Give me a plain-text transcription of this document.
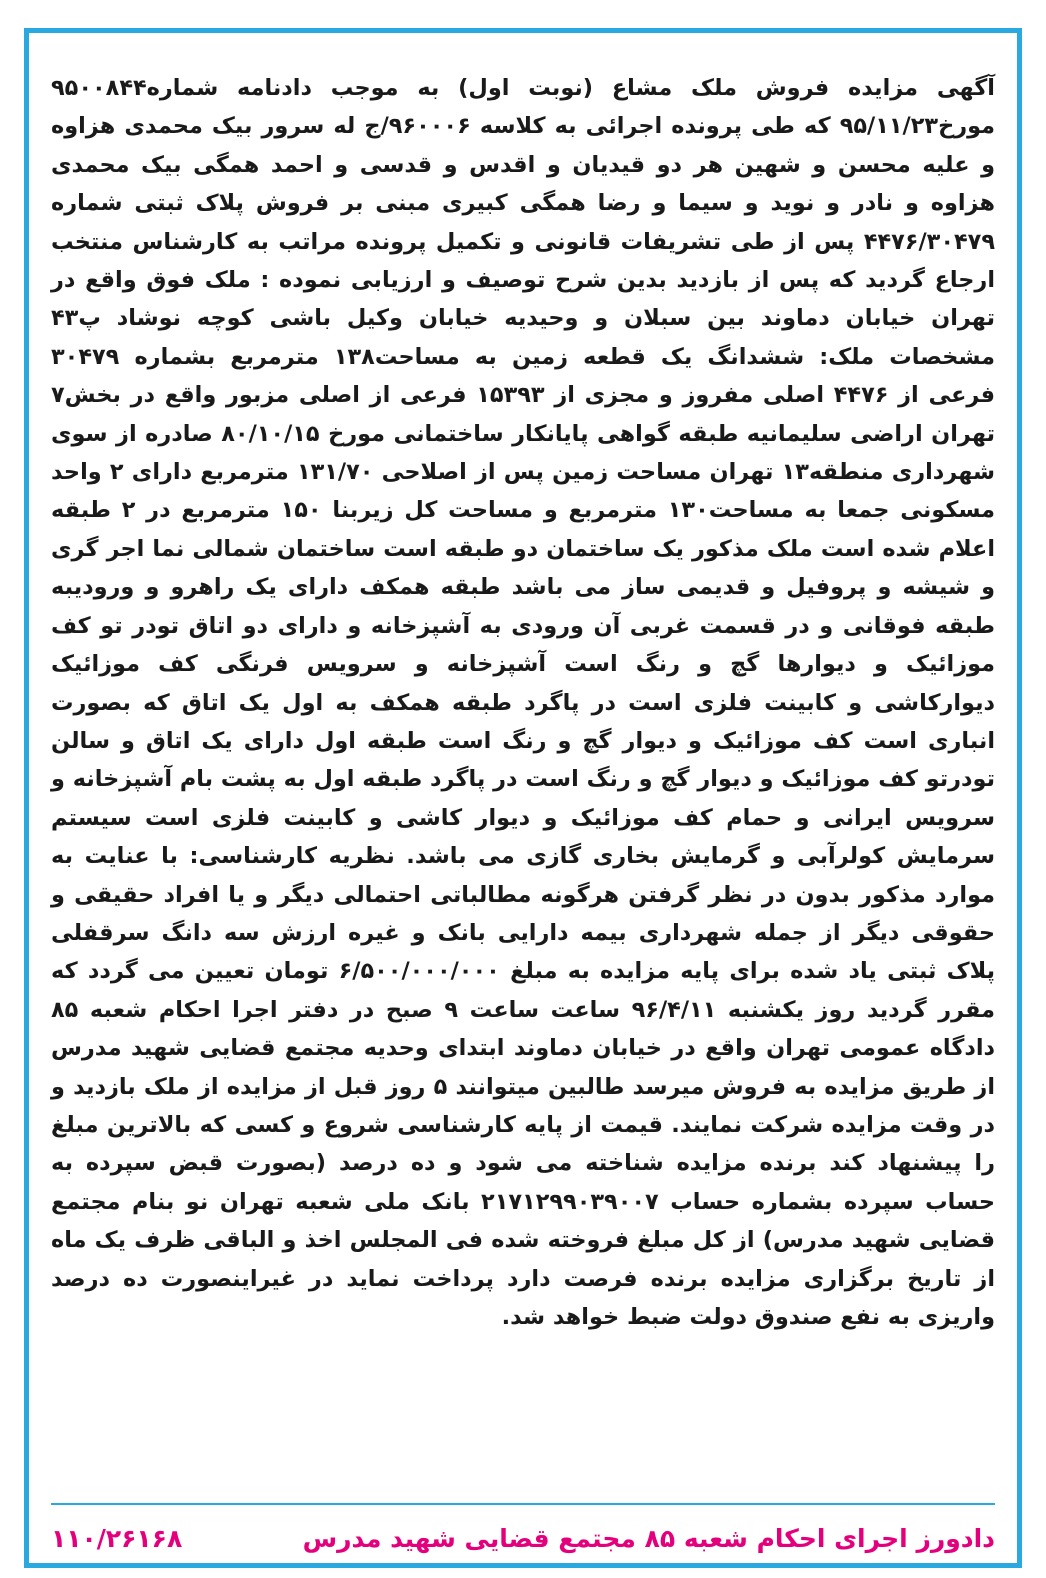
آگهی مزایده فروش ملک مشاع (نوبت اول) به موجب دادنامه شماره۹۵۰۰۸۴۴ مورخ۹۵/۱۱/۲۳ که طی پرونده اجرائی به کلاسه ۹۶۰۰۰۶/ج له سرور بیک محمدی هزاوه و علیه محسن و شهین هر دو قیدیان و اقدس و قدسی و احمد همگی بیک محمدی هزاوه و نادر و نوید و سیما و رضا همگی کبیری مبنی بر فروش پلاک ثبتی شماره ۴۴۷۶/۳۰۴۷۹ پس از طی تشریفات قانونی و تکمیل پرونده مراتب به کارشناس منتخب ارجاع گردید که پس از بازدید بدین شرح توصیف و ارزیابی نموده : ملک فوق واقع در تهران خیابان دماوند بین سبلان و وحیدیه خیابان وکیل باشی کوچه نوشاد پ۴۳ مشخصات ملک: ششدانگ یک قطعه زمین به مساحت۱۳۸ مترمربع بشماره ۳۰۴۷۹ فرعی از ۴۴۷۶ اصلی مفروز و مجزی از ۱۵۳۹۳ فرعی از اصلی مزبور واقع در بخش۷ تهران اراضی سلیمانیه طبقه گواهی پایانکار ساختمانی مورخ ۸۰/۱۰/۱۵ صادره از سوی شهرداری منطقه۱۳ تهران مساحت زمین پس از اصلاحی ۱۳۱/۷۰ مترمربع دارای ۲ واحد مسکونی جمعا به مساحت۱۳۰ مترمربع و مساحت کل زیربنا ۱۵۰ مترمربع در ۲ طبقه اعلام شده است ملک مذکور یک ساختمان دو طبقه است ساختمان شمالی نما اجر گری و شیشه و پروفیل و قدیمی ساز می باشد طبقه همکف دارای یک راهرو و ورودیبه طبقه فوقانی و در قسمت غربی آن ورودی به آشپزخانه و دارای دو اتاق تودر تو کف موزائیک و دیوارها گچ و رنگ است آشپزخانه و سرویس فرنگی کف موزائیک دیوارکاشی و کابینت فلزی است در پاگرد طبقه همکف به اول یک اتاق که بصورت انباری است کف موزائیک و دیوار گچ و رنگ است طبقه اول دارای یک اتاق و سالن تودرتو کف موزائیک و دیوار گچ و رنگ است در پاگرد طبقه اول به پشت بام آشپزخانه و سرویس ایرانی و حمام کف موزائیک و دیوار کاشی و کابینت فلزی است سیستم سرمایش کولرآبی و گرمایش بخاری گازی می باشد. نظریه کارشناسی: با عنایت به موارد مذکور بدون در نظر گرفتن هرگونه مطالباتی احتمالی دیگر و یا افراد حقیقی و حقوقی دیگر از جمله شهرداری بیمه دارایی بانک و غیره ارزش سه دانگ سرقفلی پلاک ثبتی یاد شده برای پایه مزایده به مبلغ ۶/۵۰۰/۰۰۰/۰۰۰ تومان تعیین می گردد که مقرر گردید روز یکشنبه ۹۶/۴/۱۱ ساعت ساعت ۹ صبح در دفتر اجرا احکام شعبه ۸۵ دادگاه عمومی تهران واقع در خیابان دماوند ابتدای وحدیه مجتمع قضایی شهید مدرس از طریق مزایده به فروش میرسد طالبین میتوانند ۵ روز قبل از مزایده از ملک بازدید و در وقت مزایده شرکت نمایند. قیمت از پایه کارشناسی شروع و کسی که بالاترین مبلغ را پیشنهاد کند برنده مزایده شناخته می شود و ده درصد (بصورت قبض سپرده به حساب سپرده بشماره حساب ۲۱۷۱۲۹۹۰۳۹۰۰۷ بانک ملی شعبه تهران نو بنام مجتمع قضایی شهید مدرس) از کل مبلغ فروخته شده فی المجلس اخذ و الباقی ظرف یک ماه از تاریخ برگزاری مزایده برنده فرصت دارد پرداخت نماید در غیراینصورت ده درصد واریزی به نفع صندوق دولت ضبط خواهد شد.

دادورز اجرای احکام شعبه ۸۵ مجتمع قضایی شهید مدرس
۱۱۰/۲۶۱۶۸
